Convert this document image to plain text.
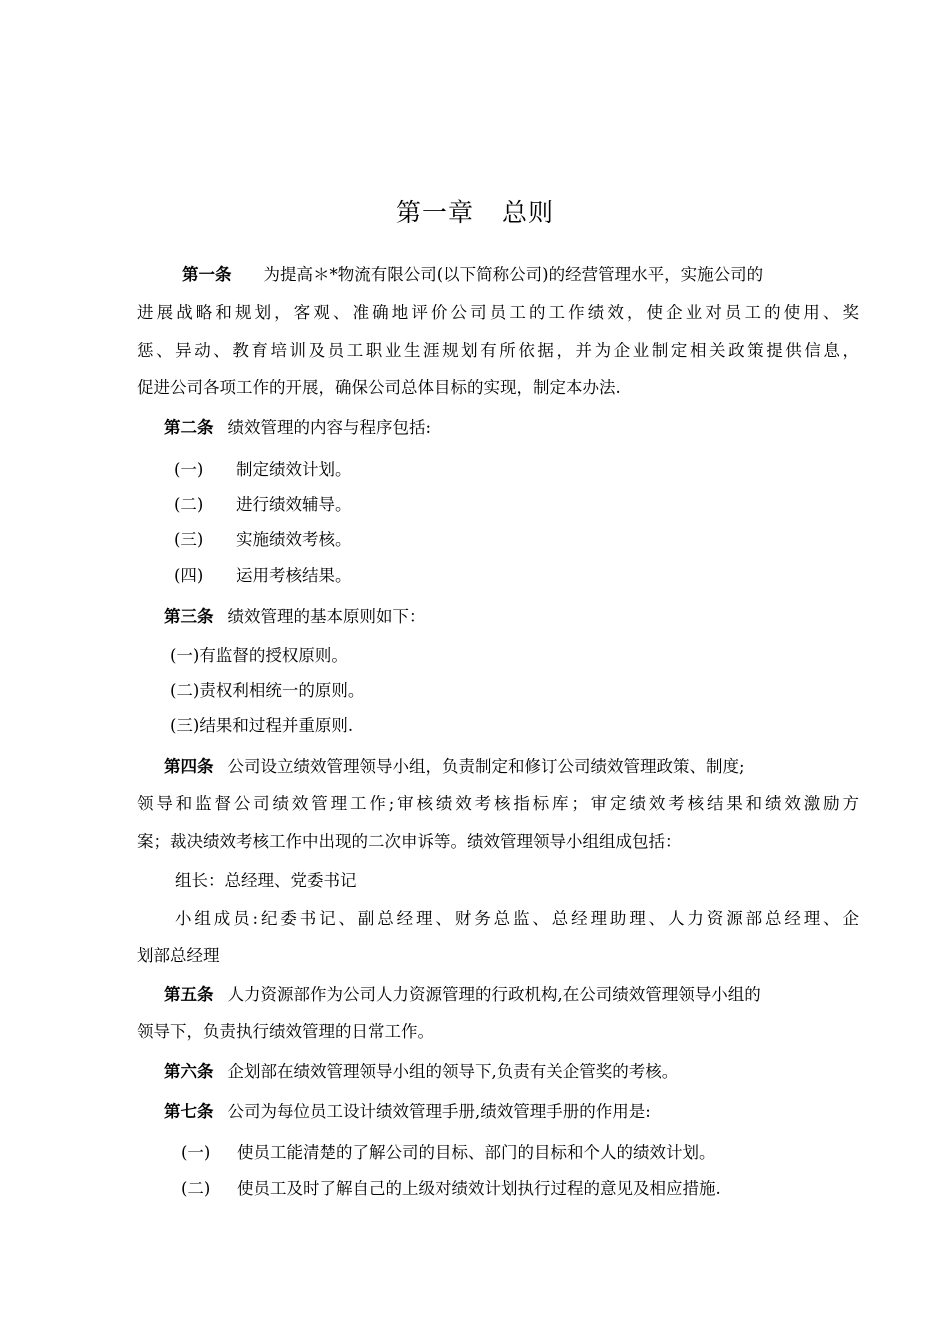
第一章 总则
第一条 为提高＊*物流有限公司(以下简称公司)的经营管理水平，实施公司的
进展战略和规划，客观、准确地评价公司员工的工作绩效，使企业对员工的使用、奖
惩、异动、教育培训及员工职业生涯规划有所依据，并为企业制定相关政策提供信息，
促进公司各项工作的开展，确保公司总体目标的实现，制定本办法.
第二条 绩效管理的内容与程序包括:
(一) 制定绩效计划。
(二) 进行绩效辅导。
(三) 实施绩效考核。
(四) 运用考核结果。
第三条 绩效管理的基本原则如下：
(一)有监督的授权原则。
(二)责权利相统一的原则。
(三)结果和过程并重原则.
第四条 公司设立绩效管理领导小组，负责制定和修订公司绩效管理政策、制度;
领导和监督公司绩效管理工作;审核绩效考核指标库；审定绩效考核结果和绩效激励方
案；裁决绩效考核工作中出现的二次申诉等。绩效管理领导小组组成包括：
组长：总经理、党委书记
小组成员:纪委书记、副总经理、财务总监、总经理助理、人力资源部总经理、企
划部总经理
第五条 人力资源部作为公司人力资源管理的行政机构,在公司绩效管理领导小组的
领导下，负责执行绩效管理的日常工作。
第六条 企划部在绩效管理领导小组的领导下,负责有关企管奖的考核。
第七条 公司为每位员工设计绩效管理手册,绩效管理手册的作用是:
(一) 使员工能清楚的了解公司的目标、部门的目标和个人的绩效计划。
(二) 使员工及时了解自己的上级对绩效计划执行过程的意见及相应措施.
